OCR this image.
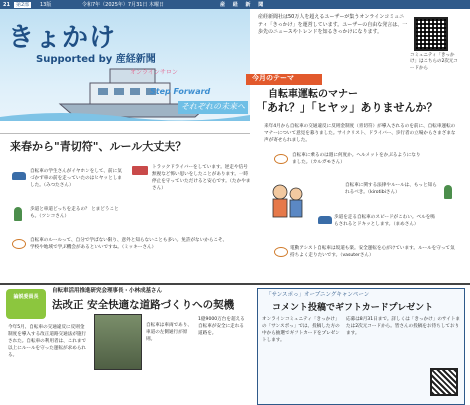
21	第2部	13版	令和7年（2025年）7月31日 木曜日	産 経 新 聞
きょかけ
Supported by 産経新聞
オンラインサロン
Step Forward
それぞれの未来へ
産経新聞社は50万人を超えるユーザーが集うオンラインコミュニティ「きっかけ」を運営しています。ユーザーの自由な発言は、一歩先のニュースやトレンドを知るきっかけになります。
コミュニティ「きっかけ」はこちらの2次元コードから
今月のテーマ
自転車運転のマナー
「あれ？」「ヒヤッ」ありませんか？
来年4月から自転車の交通違反に反則金制度（青切符）が導入されるのを前に、自転車運転のマナーについて意見を募りました。サイクリスト、ドライバー、歩行者の立場からさまざまな声が寄せられました。
来春から"青切符"、ルール大丈夫？
自転車の学生さんがイヤホンをして、前に気づかず車の前を走っていたのはヒヤッとしました。（みつたさん）
歩道と車道どっちを走るの？ とまどうことも。（ツンコさん）
自転車のルールって、自分で学ばない限り、意外と知らないことも多い。免許がないからこそ、学校や地域で学ぶ機会があるといいですね。（ミッキーさん）
トラックドライバーをしています。逆走や信号無視など怖い思いをしたことがあります。一時停止を守っていただけると安心です。（たかやまさん）
自転車に乗るのは週に何度か。ヘルメットをかぶるようになりました。（カルガモさん）
自転車に関する法律やルールは、もっと知られるべき。（kirotibiさん）
歩道を走る自転車のスピードがこわい。ベルを鳴らされるとドキッとします。（まめさん）
電動アシスト自転車は坂道も楽。安全運転を心がけています。ルールを守って気持ちよく走りたいです。（vasuterさん）
論説委員長
自転車活用推進研究会理事長・小林成基さん
法改正 安全快適な道路づくりへの契機
今年5月、自転車の交通違反に反則金制度を導入する改正道路交通法が施行された。自転車の利用者は、これまで以上にルールを守った運転が求められる。
自転車は車両であり、車道の左側通行が原則。
1億9000万台を超える自転車が安全に走れる道路を。
「サンスポっ」オープニングキャンペーン
コメント投稿でギフトカードプレゼント
オンラインコミュニティ「きっかけ」の「サンスポっ」では、投稿した方の中から抽選でギフトカードをプレゼントします。
応募は8月31日まで。詳しくは「きっかけ」のサイトまたは2次元コードから。皆さんの投稿をお待ちしております。
